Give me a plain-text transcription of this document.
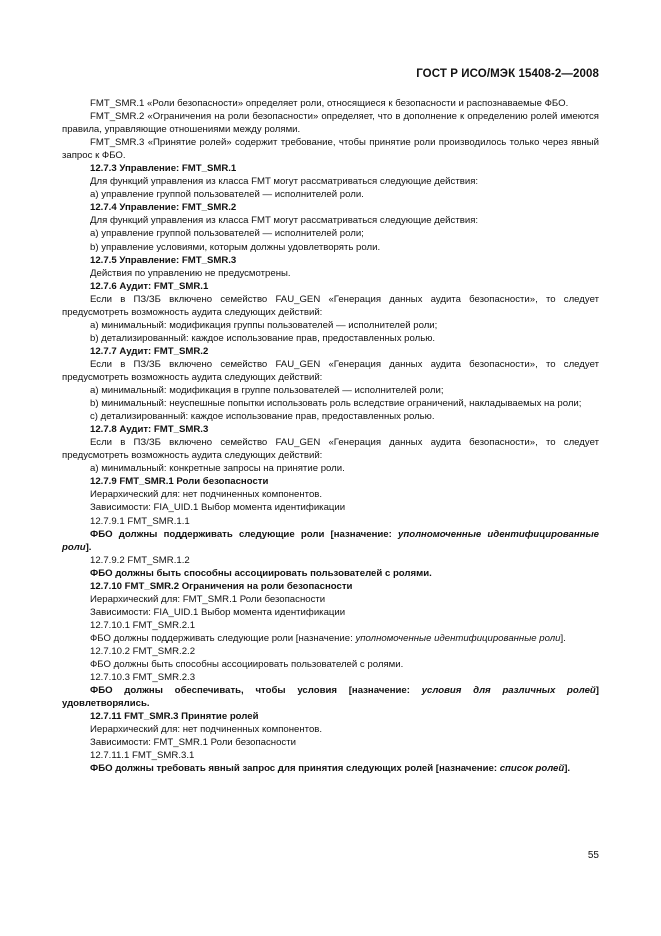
ГОСТ Р ИСО/МЭК 15408-2—2008

FMT_SMR.1 «Роли безопасности» определяет роли, относящиеся к безопасности и распознаваемые ФБО.

FMT_SMR.2 «Ограничения на роли безопасности» определяет, что в дополнение к определению ролей имеются правила, управляющие отношениями между ролями.

FMT_SMR.3 «Принятие ролей» содержит требование, чтобы принятие роли производилось только через явный запрос к ФБО.

12.7.3 Управление: FMT_SMR.1

Для функций управления из класса FMT могут рассматриваться следующие действия:

а) управление группой пользователей — исполнителей роли.

12.7.4 Управление: FMT_SMR.2

Для функций управления из класса FMT могут рассматриваться следующие действия:

а) управление группой пользователей — исполнителей роли;

b) управление условиями, которым должны удовлетворять роли.

12.7.5 Управление: FMT_SMR.3

Действия по управлению не предусмотрены.

12.7.6 Аудит: FMT_SMR.1

Если в ПЗ/ЗБ включено семейство FAU_GEN «Генерация данных аудита безопасности», то следует предусмотреть возможность аудита следующих действий:

а) минимальный: модификация группы пользователей — исполнителей роли;

b) детализированный: каждое использование прав, предоставленных ролью.

12.7.7 Аудит: FMT_SMR.2

Если в ПЗ/ЗБ включено семейство FAU_GEN «Генерация данных аудита безопасности», то следует предусмотреть возможность аудита следующих действий:

а) минимальный: модификация в группе пользователей — исполнителей роли;

b) минимальный: неуспешные попытки использовать роль вследствие ограничений, накладываемых на роли;

с) детализированный: каждое использование прав, предоставленных ролью.

12.7.8 Аудит: FMT_SMR.3

Если в ПЗ/ЗБ включено семейство FAU_GEN «Генерация данных аудита безопасности», то следует предусмотреть возможность аудита следующих действий:

а) минимальный: конкретные запросы на принятие роли.

12.7.9 FMT_SMR.1 Роли безопасности

Иерархический для: нет подчиненных компонентов.

Зависимости: FIA_UID.1 Выбор момента идентификации

12.7.9.1 FMT_SMR.1.1

ФБО должны поддерживать следующие роли [назначение: уполномоченные идентифицированные роли].

12.7.9.2 FMT_SMR.1.2

ФБО должны быть способны ассоциировать пользователей с ролями.

12.7.10 FMT_SMR.2 Ограничения на роли безопасности

Иерархический для: FMT_SMR.1 Роли безопасности

Зависимости: FIA_UID.1 Выбор момента идентификации

12.7.10.1 FMT_SMR.2.1

ФБО должны поддерживать следующие роли [назначение: уполномоченные идентифицированные роли].

12.7.10.2 FMT_SMR.2.2

ФБО должны быть способны ассоциировать пользователей с ролями.

12.7.10.3 FMT_SMR.2.3

ФБО должны обеспечивать, чтобы условия [назначение: условия для различных ролей] удовлетворялись.

12.7.11 FMT_SMR.3 Принятие ролей

Иерархический для: нет подчиненных компонентов.

Зависимости: FMT_SMR.1 Роли безопасности

12.7.11.1 FMT_SMR.3.1

ФБО должны требовать явный запрос для принятия следующих ролей [назначение: список ролей].

55
